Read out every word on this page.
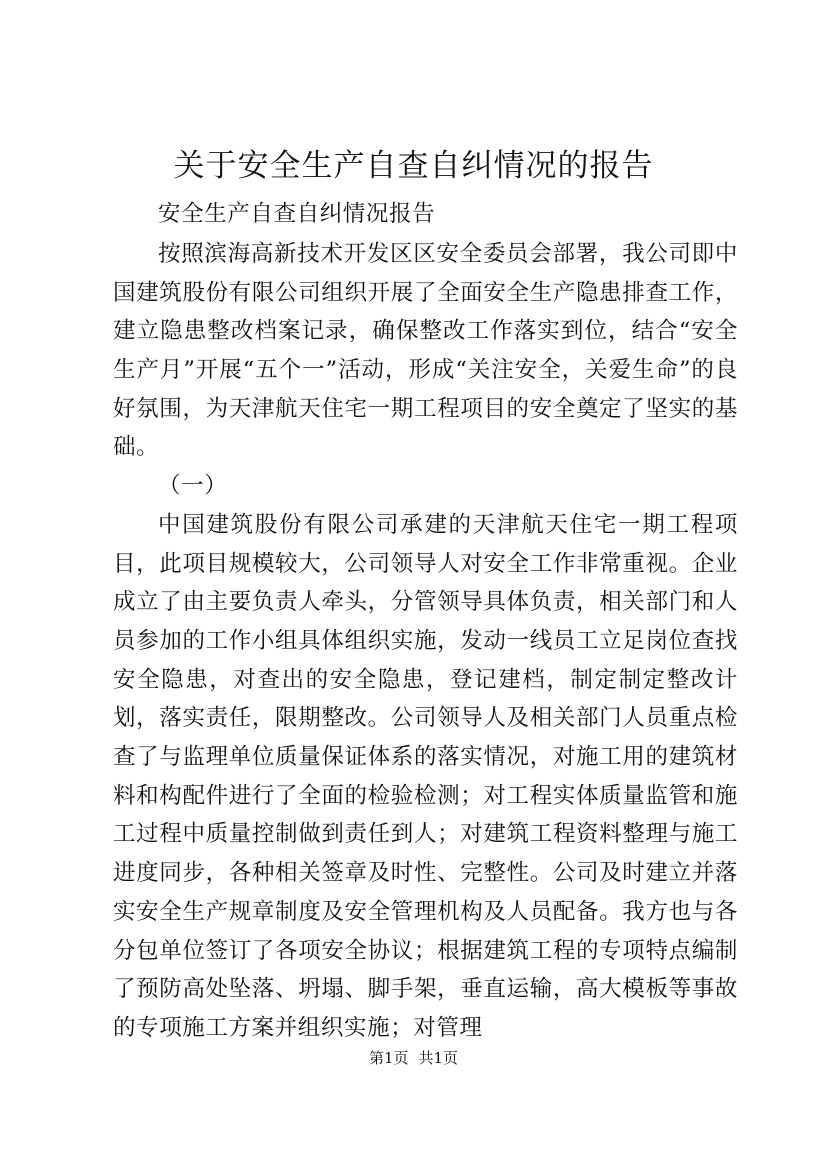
关于安全生产自查自纠情况的报告

安全生产自查自纠情况报告

按照滨海高新技术开发区区安全委员会部署，我公司即中国建筑股份有限公司组织开展了全面安全生产隐患排查工作，建立隐患整改档案记录，确保整改工作落实到位，结合“安全生产月”开展“五个一”活动，形成“关注安全，关爱生命”的良好氛围，为天津航天住宅一期工程项目的安全奠定了坚实的基础。

（一）

中国建筑股份有限公司承建的天津航天住宅一期工程项目，此项目规模较大，公司领导人对安全工作非常重视。企业成立了由主要负责人牵头，分管领导具体负责，相关部门和人员参加的工作小组具体组织实施，发动一线员工立足岗位查找安全隐患，对查出的安全隐患，登记建档，制定制定整改计划，落实责任，限期整改。公司领导人及相关部门人员重点检查了与监理单位质量保证体系的落实情况，对施工用的建筑材料和构配件进行了全面的检验检测；对工程实体质量监管和施工过程中质量控制做到责任到人；对建筑工程资料整理与施工进度同步，各种相关签章及时性、完整性。公司及时建立并落实安全生产规章制度及安全管理机构及人员配备。我方也与各分包单位签订了各项安全协议；根据建筑工程的专项特点编制了预防高处坠落、坍塌、脚手架，垂直运输，高大模板等事故的专项施工方案并组织实施；对管理

第1页 共1页
